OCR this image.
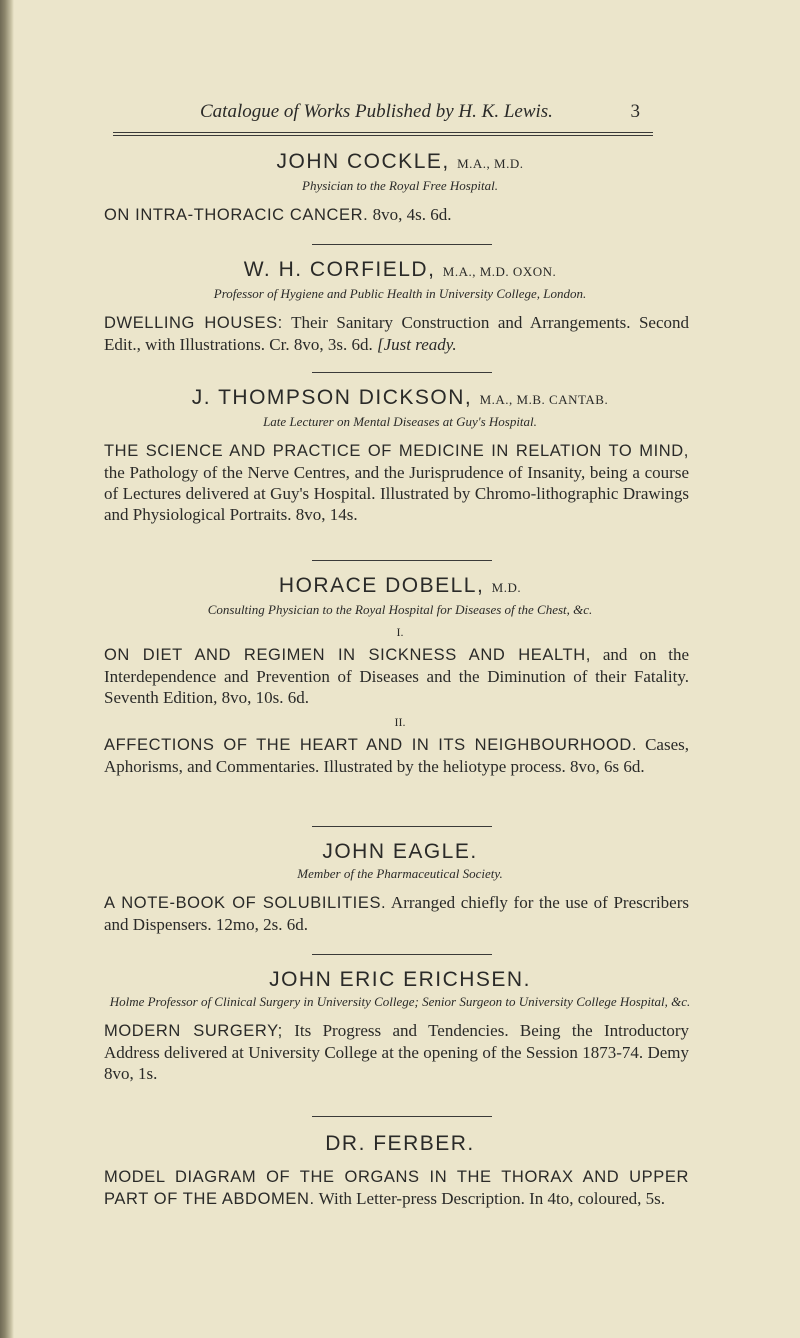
Catalogue of Works Published by H. K. Lewis.	3

JOHN COCKLE, M.A., M.D.

Physician to the Royal Free Hospital.

ON INTRA-THORACIC CANCER. 8vo, 4s. 6d.

W. H. CORFIELD, M.A., M.D. OXON.

Professor of Hygiene and Public Health in University College, London.

DWELLING HOUSES: Their Sanitary Construction and Arrangements. Second Edit., with Illustrations. Cr. 8vo, 3s. 6d. [Just ready.

J. THOMPSON DICKSON, M.A., M.B. CANTAB.

Late Lecturer on Mental Diseases at Guy's Hospital.

THE SCIENCE AND PRACTICE OF MEDICINE IN RELATION TO MIND, the Pathology of the Nerve Centres, and the Jurisprudence of Insanity, being a course of Lectures delivered at Guy's Hospital. Illustrated by Chromo-lithographic Drawings and Physiological Portraits. 8vo, 14s.

HORACE DOBELL, M.D.

Consulting Physician to the Royal Hospital for Diseases of the Chest, &c.

I.

ON DIET AND REGIMEN IN SICKNESS AND HEALTH, and on the Interdependence and Prevention of Diseases and the Diminution of their Fatality. Seventh Edition, 8vo, 10s. 6d.

II.

AFFECTIONS OF THE HEART AND IN ITS NEIGHBOURHOOD. Cases, Aphorisms, and Commentaries. Illustrated by the heliotype process. 8vo, 6s 6d.

JOHN EAGLE.

Member of the Pharmaceutical Society.

A NOTE-BOOK OF SOLUBILITIES. Arranged chiefly for the use of Prescribers and Dispensers. 12mo, 2s. 6d.

JOHN ERIC ERICHSEN.

Holme Professor of Clinical Surgery in University College; Senior Surgeon to University College Hospital, &c.

MODERN SURGERY; Its Progress and Tendencies. Being the Introductory Address delivered at University College at the opening of the Session 1873-74. Demy 8vo, 1s.

DR. FERBER.

MODEL DIAGRAM OF THE ORGANS IN THE THORAX AND UPPER PART OF THE ABDOMEN. With Letter-press Description. In 4to, coloured, 5s.
